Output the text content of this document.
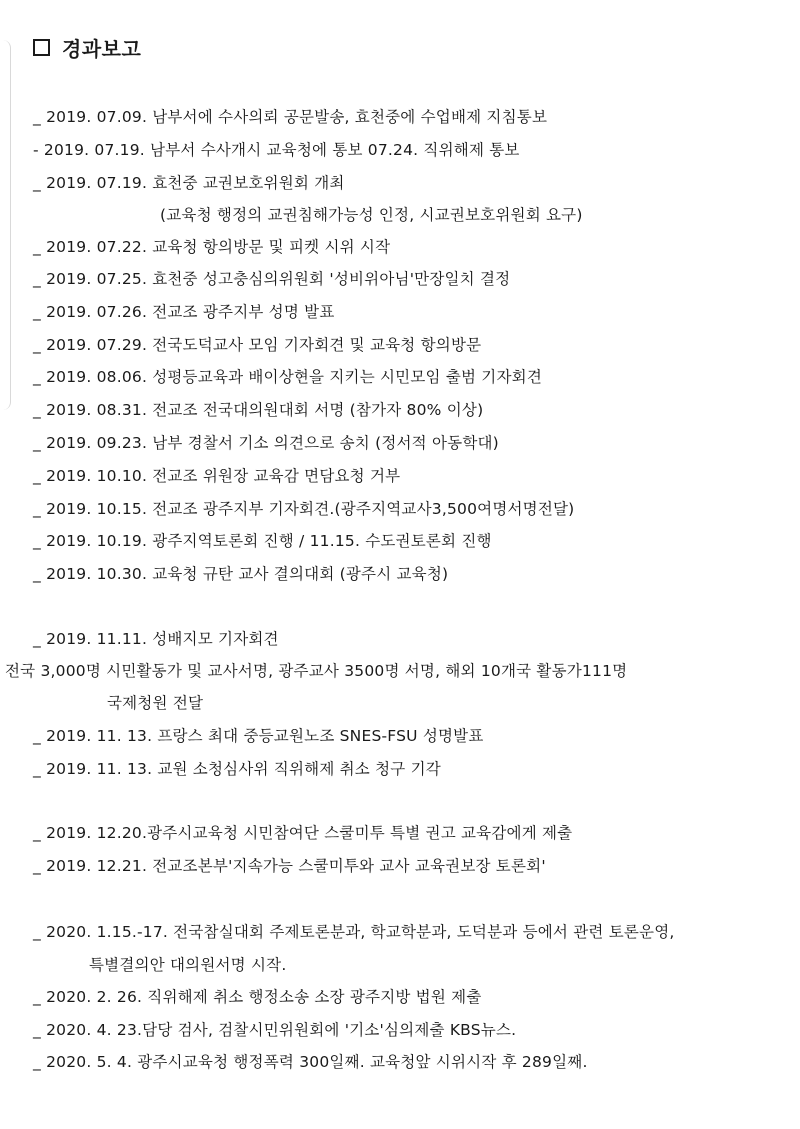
경과보고
_ 2019. 07.09. 남부서에 수사의뢰 공문발송, 효천중에 수업배제 지침통보
- 2019. 07.19. 남부서 수사개시 교육청에 통보 07.24. 직위해제 통보
_ 2019. 07.19. 효천중 교권보호위원회 개최
(교육청 행정의 교권침해가능성 인정, 시교권보호위원회 요구)
_ 2019. 07.22. 교육청 항의방문 및 피켓 시위 시작
_ 2019. 07.25. 효천중 성고충심의위원회 '성비위아님'만장일치 결정
_ 2019. 07.26. 전교조 광주지부 성명 발표
_ 2019. 07.29. 전국도덕교사 모임 기자회견 및 교육청 항의방문
_ 2019. 08.06. 성평등교육과 배이상현을 지키는 시민모임 출범 기자회견
_ 2019. 08.31. 전교조 전국대의원대회 서명 (참가자 80% 이상)
_ 2019. 09.23. 남부 경찰서 기소 의견으로 송치 (정서적 아동학대)
_ 2019. 10.10. 전교조 위원장 교육감 면담요청 거부
_ 2019. 10.15. 전교조 광주지부 기자회견.(광주지역교사3,500여명서명전달)
_ 2019. 10.19. 광주지역토론회 진행 / 11.15. 수도권토론회 진행
_ 2019. 10.30. 교육청 규탄 교사 결의대회 (광주시 교육청)
_ 2019. 11.11. 성배지모 기자회견
전국 3,000명 시민활동가 및 교사서명, 광주교사 3500명 서명, 해외 10개국 활동가111명
국제청원 전달
_ 2019. 11. 13. 프랑스 최대 중등교원노조 SNES-FSU 성명발표
_ 2019. 11. 13. 교원 소청심사위 직위해제 취소 청구 기각
_ 2019. 12.20.광주시교육청 시민참여단 스쿨미투 특별 권고 교육감에게 제출
_ 2019. 12.21. 전교조본부'지속가능 스쿨미투와 교사 교육권보장 토론회'
_ 2020. 1.15.-17. 전국참실대회 주제토론분과, 학교학분과, 도덕분과 등에서 관련 토론운영,
특별결의안 대의원서명 시작.
_ 2020. 2. 26. 직위해제 취소 행정소송 소장 광주지방 법원 제출
_ 2020. 4. 23.담당 검사, 검찰시민위원회에 '기소'심의제출 KBS뉴스.
_ 2020. 5. 4. 광주시교육청 행정폭력 300일째. 교육청앞 시위시작 후 289일째.
